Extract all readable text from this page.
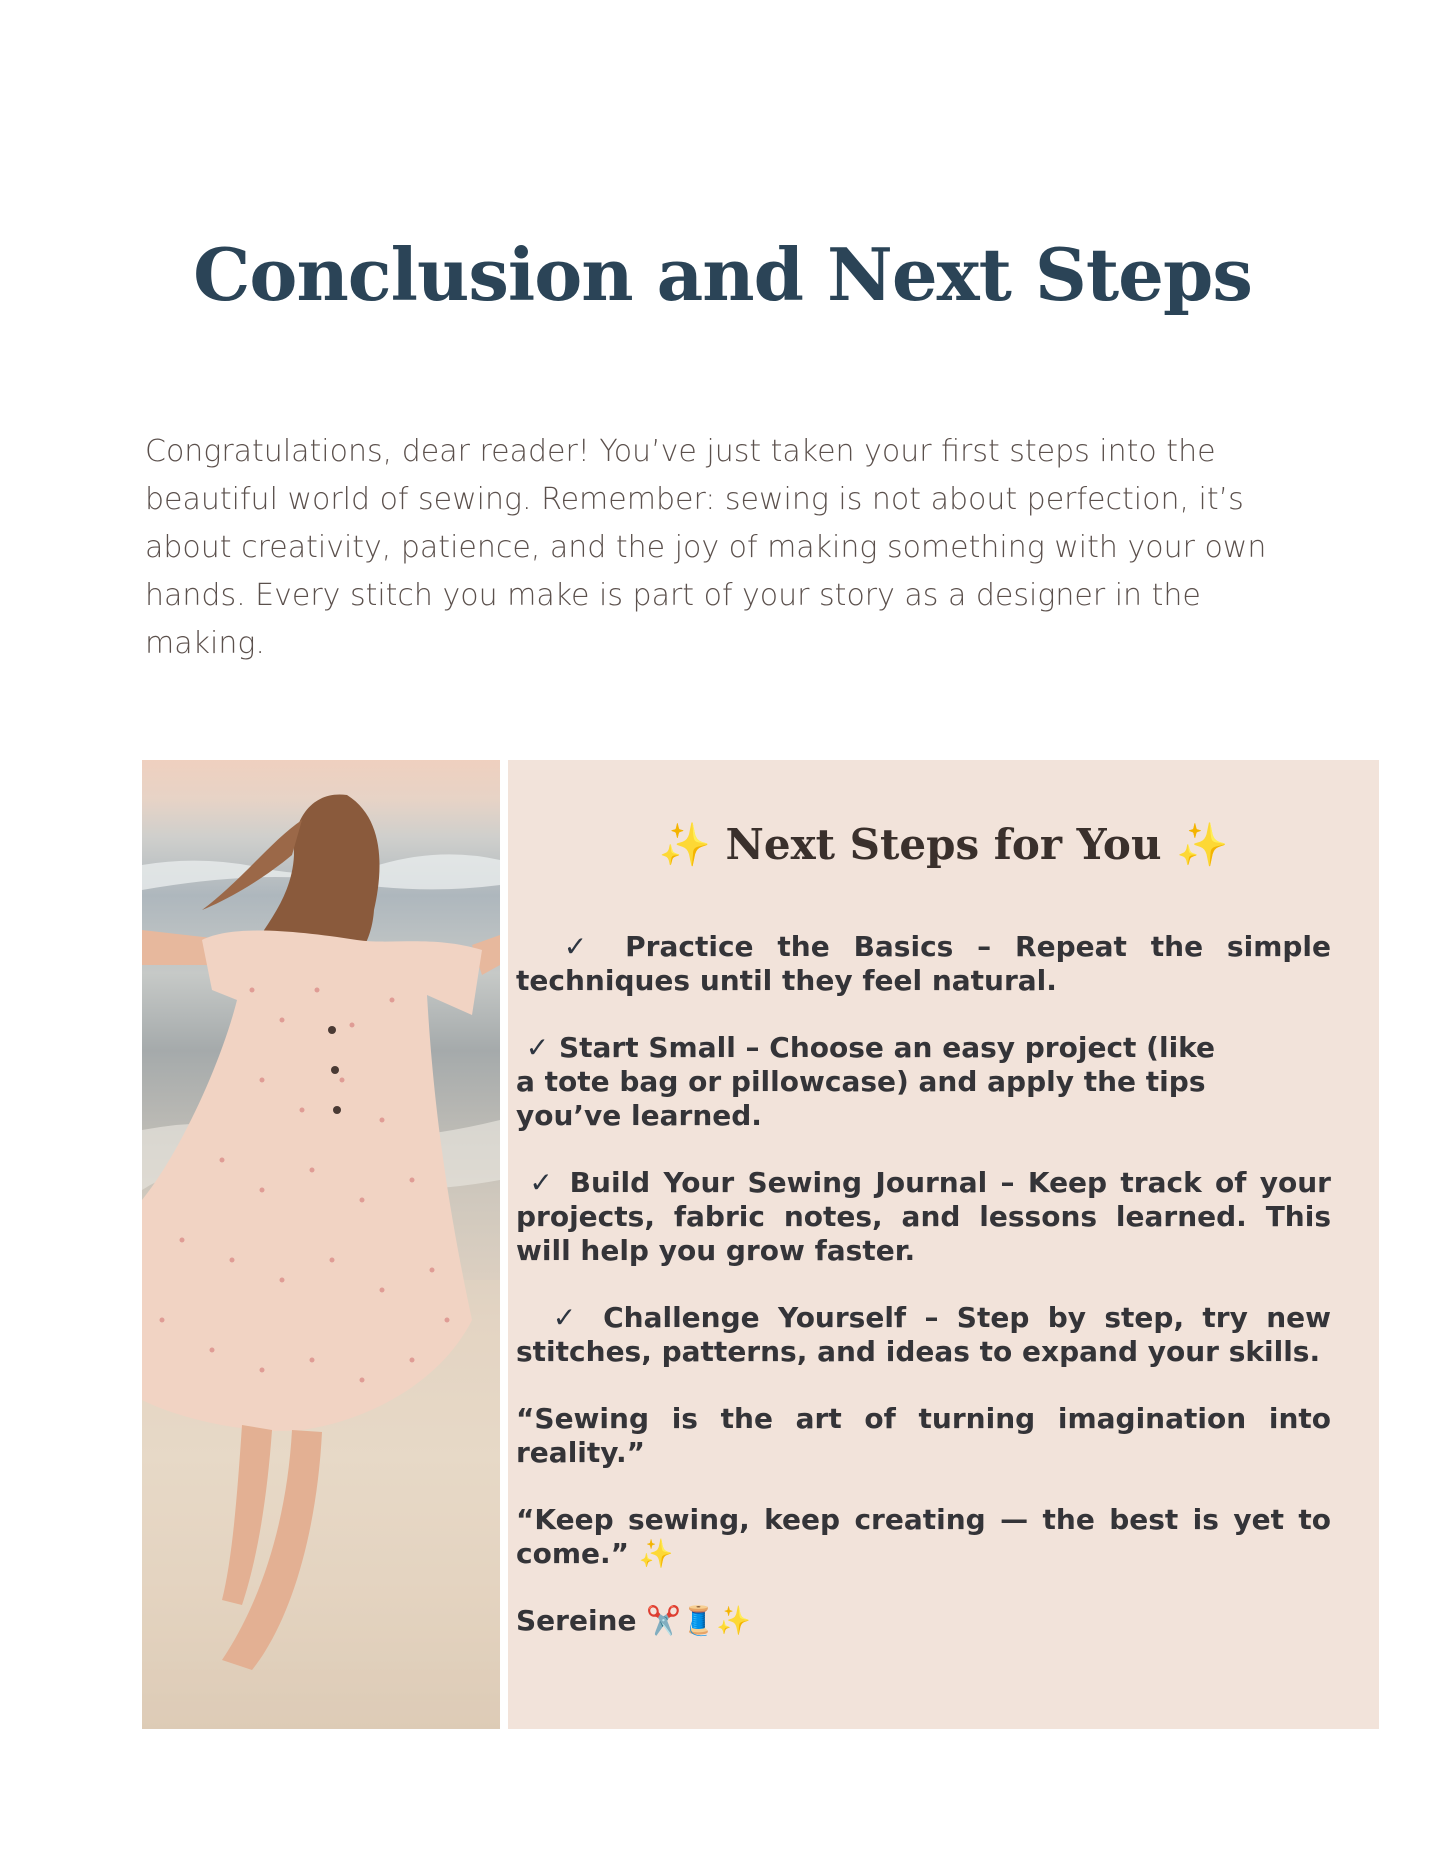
Conclusion and Next Steps

Congratulations, dear reader! You’ve just taken your first steps into the beautiful world of sewing. Remember: sewing is not about perfection, it’s about creativity, patience, and the joy of making something with your own hands. Every stitch you make is part of your story as a designer in the making.

✨ Next Steps for You ✨

✓ Practice the Basics – Repeat the simple techniques until they feel natural.

✓ Start Small – Choose an easy project (like a tote bag or pillowcase) and apply the tips you’ve learned.

✓ Build Your Sewing Journal – Keep track of your projects, fabric notes, and lessons learned. This will help you grow faster.

✓ Challenge Yourself – Step by step, try new stitches, patterns, and ideas to expand your skills.

“Sewing is the art of turning imagination into reality.”

“Keep sewing, keep creating — the best is yet to come.” ✨

Sereine ✂️🧵✨
